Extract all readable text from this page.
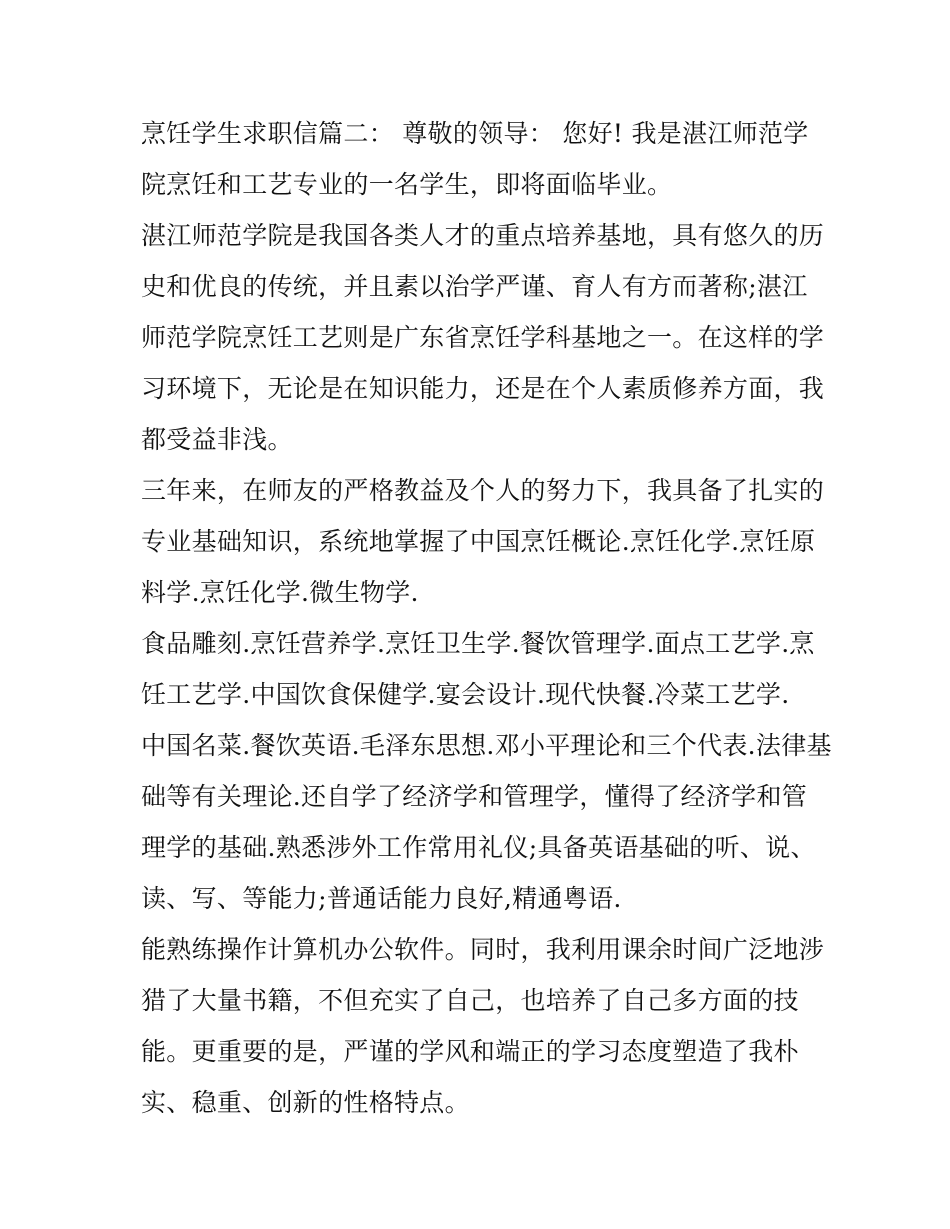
烹饪学生求职信篇二： 尊敬的领导： 您好! 我是湛江师范学
院烹饪和工艺专业的一名学生，即将面临毕业。
湛江师范学院是我国各类人才的重点培养基地，具有悠久的历
史和优良的传统，并且素以治学严谨、育人有方而著称;湛江
师范学院烹饪工艺则是广东省烹饪学科基地之一。在这样的学
习环境下，无论是在知识能力，还是在个人素质修养方面，我
都受益非浅。
三年来，在师友的严格教益及个人的努力下，我具备了扎实的
专业基础知识，系统地掌握了中国烹饪概论.烹饪化学.烹饪原
料学.烹饪化学.微生物学.
食品雕刻.烹饪营养学.烹饪卫生学.餐饮管理学.面点工艺学.烹
饪工艺学.中国饮食保健学.宴会设计.现代快餐.冷菜工艺学.
中国名菜.餐饮英语.毛泽东思想.邓小平理论和三个代表.法律基
础等有关理论.还自学了经济学和管理学，懂得了经济学和管
理学的基础.熟悉涉外工作常用礼仪;具备英语基础的听、说、
读、写、等能力;普通话能力良好,精通粤语.
能熟练操作计算机办公软件。同时，我利用课余时间广泛地涉
猎了大量书籍，不但充实了自己，也培养了自己多方面的技
能。更重要的是，严谨的学风和端正的学习态度塑造了我朴
实、稳重、创新的性格特点。
